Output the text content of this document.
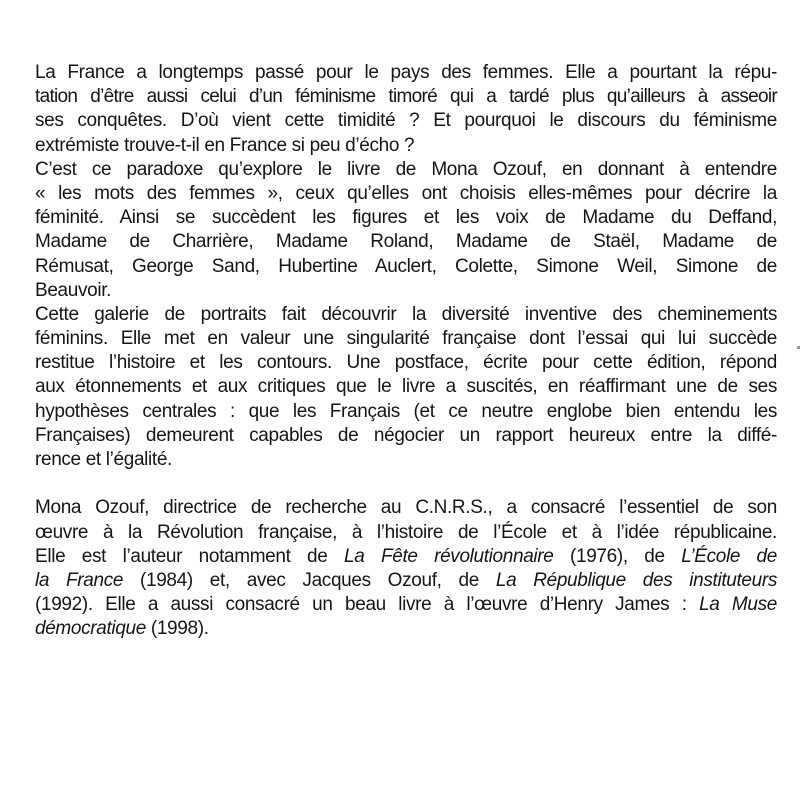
La France a longtemps passé pour le pays des femmes. Elle a pourtant la répu-
tation d’être aussi celui d’un féminisme timoré qui a tardé plus qu’ailleurs à asseoir
ses conquêtes. D’où vient cette timidité ? Et pourquoi le discours du féminisme
extrémiste trouve-t-il en France si peu d’écho ?
C’est ce paradoxe qu’explore le livre de Mona Ozouf, en donnant à entendre
« les mots des femmes », ceux qu’elles ont choisis elles-mêmes pour décrire la
féminité. Ainsi se succèdent les figures et les voix de Madame du Deffand,
Madame de Charrière, Madame Roland, Madame de Staël, Madame de
Rémusat, George Sand, Hubertine Auclert, Colette, Simone Weil, Simone de
Beauvoir.
Cette galerie de portraits fait découvrir la diversité inventive des cheminements
féminins. Elle met en valeur une singularité française dont l’essai qui lui succède
restitue l’histoire et les contours. Une postface, écrite pour cette édition, répond
aux étonnements et aux critiques que le livre a suscités, en réaffirmant une de ses
hypothèses centrales : que les Français (et ce neutre englobe bien entendu les
Françaises) demeurent capables de négocier un rapport heureux entre la diffé-
rence et l’égalité.
Mona Ozouf, directrice de recherche au C.N.R.S., a consacré l’essentiel de son
œuvre à la Révolution française, à l’histoire de l’École et à l’idée républicaine.
Elle est l’auteur notamment de La Fête révolutionnaire (1976), de L’École de
la France (1984) et, avec Jacques Ozouf, de La République des instituteurs
(1992). Elle a aussi consacré un beau livre à l’œuvre d’Henry James : La Muse
démocratique (1998).
